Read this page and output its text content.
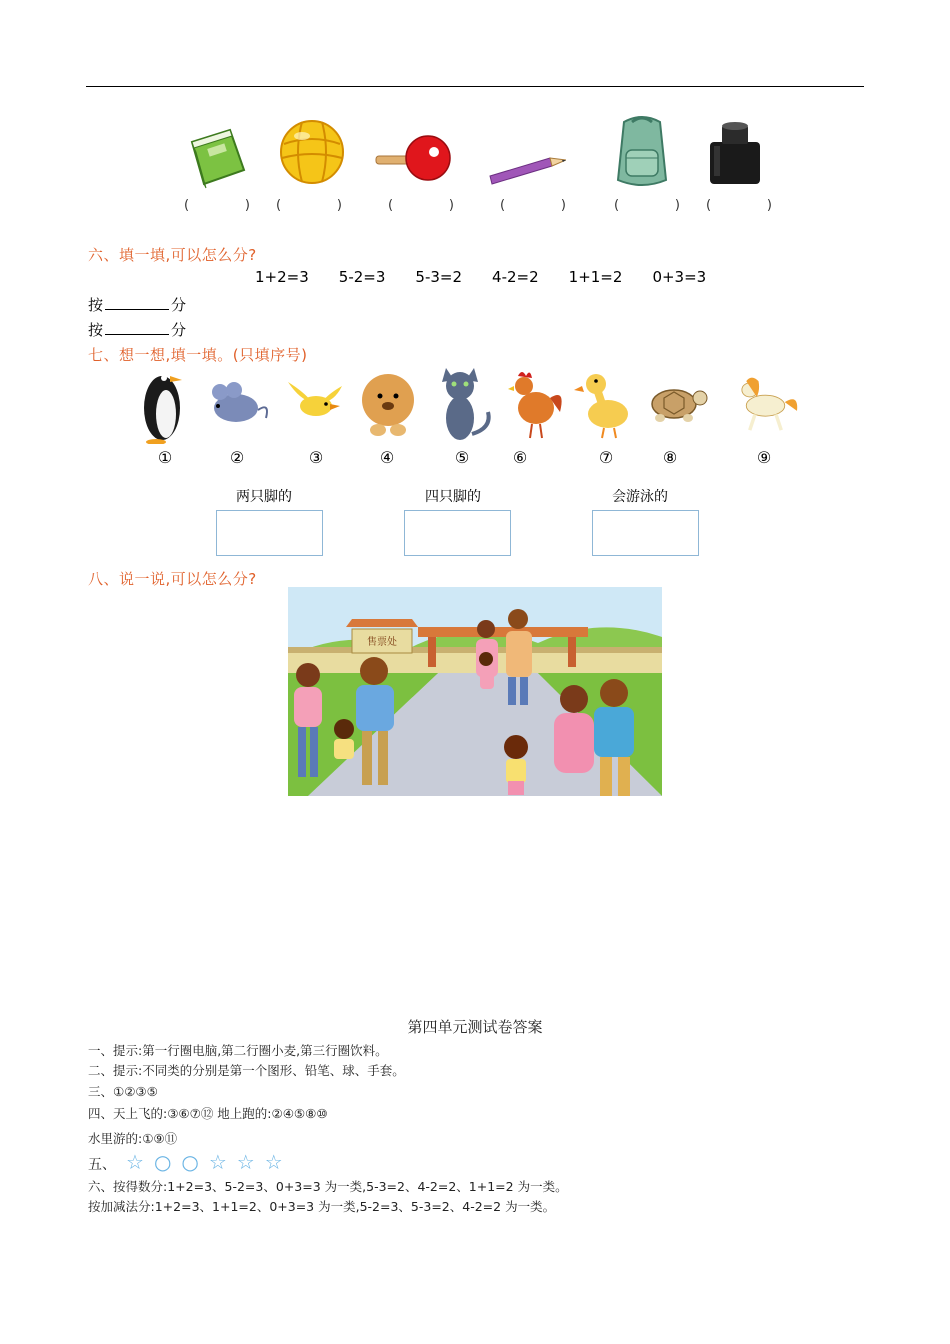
(	) (	)	(	)	(	)	(	) (	)
六、填一填,可以怎么分?
1+2=3 5-2=3 5-3=2 4-2=2 1+1=2 0+3=3
按	分
按	分
七、想一想,填一填。(只填序号)
①	②	③	④	⑤	⑥	⑦	⑧	⑨
两只脚的	四只脚的	会游泳的
八、说一说,可以怎么分?
售票处
第四单元测试卷答案
一、提示:第一行圈电脑,第二行圈小麦,第三行圈饮料。
二、提示:不同类的分别是第一个图形、铅笔、球、手套。
三、①②③⑤
四、天上飞的:③⑥⑦⑫ 地上跑的:②④⑤⑧⑩
水里游的:①⑨⑪
五、 ☆ ○ ○ ☆ ☆ ☆
六、按得数分:1+2=3、5-2=3、0+3=3 为一类,5-3=2、4-2=2、1+1=2 为一类。
按加减法分:1+2=3、1+1=2、0+3=3 为一类,5-2=3、5-3=2、4-2=2 为一类。
